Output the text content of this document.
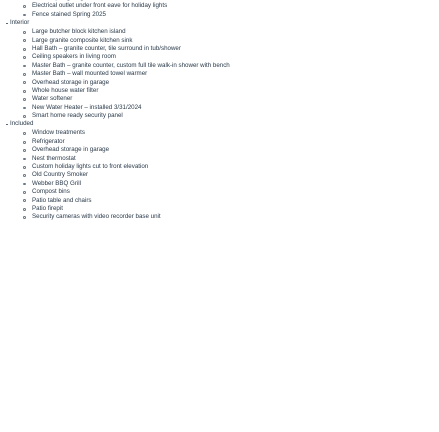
Electrical outlet under front eave for holiday lights
Fence stained Spring 2025
Interior
Large butcher block kitchen island
Large granite composite kitchen sink
Hall Bath – granite counter, tile surround in tub/shower
Ceiling speakers in living room
Master Bath – granite counter, custom full tile walk-in shower with bench
Master Bath – wall mounted towel warmer
Overhead storage in garage
Whole house water filter
Water softener
New Water Heater – installed 3/31/2024
Smart home ready security panel
Included
Window treatments
Refrigerator
Overhead storage in garage
Nest thermostat
Custom holiday lights cut to front elevation
Old Country Smoker
Webber BBQ Grill
Compost bins
Patio table and chairs
Patio firepit
Security cameras with video recorder base unit
